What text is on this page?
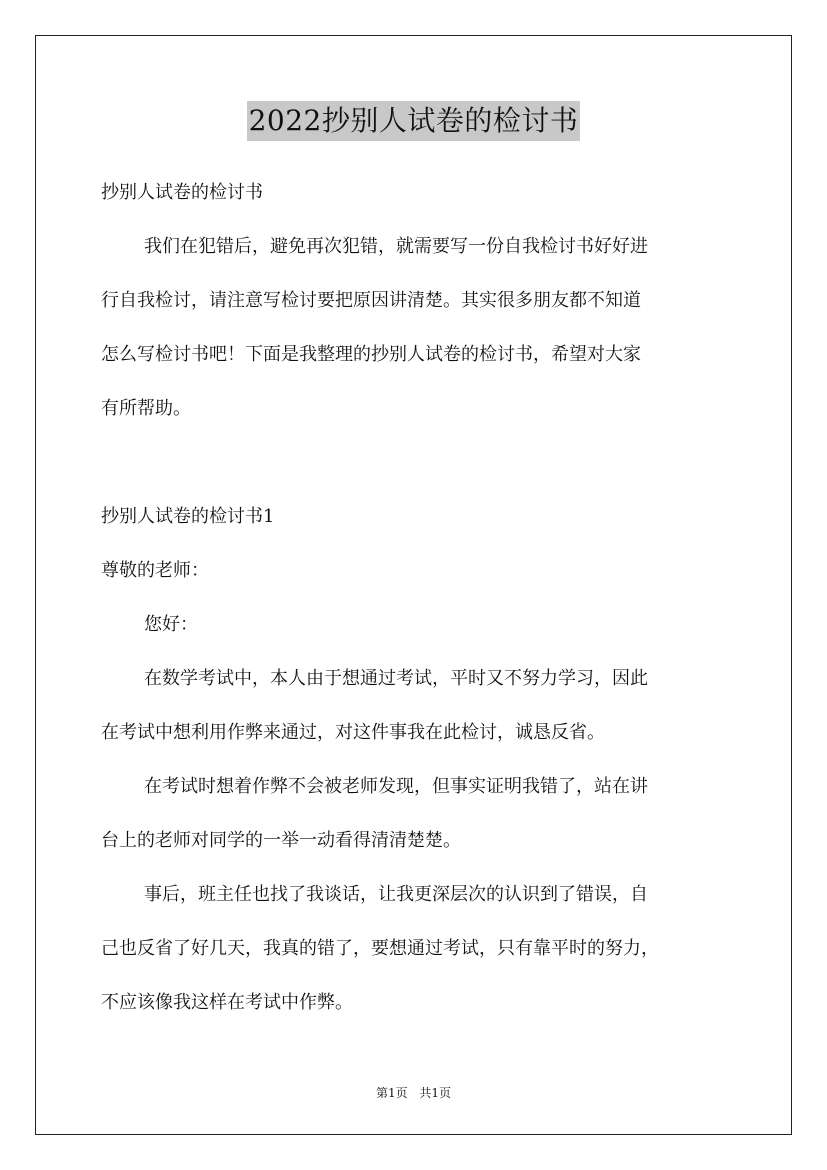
2022抄别人试卷的检讨书
抄别人试卷的检讨书
我们在犯错后，避免再次犯错，就需要写一份自我检讨书好好进
行自我检讨，请注意写检讨要把原因讲清楚。其实很多朋友都不知道
怎么写检讨书吧！下面是我整理的抄别人试卷的检讨书，希望对大家
有所帮助。
抄别人试卷的检讨书1
尊敬的老师：
您好：
在数学考试中，本人由于想通过考试，平时又不努力学习，因此
在考试中想利用作弊来通过，对这件事我在此检讨，诚恳反省。
在考试时想着作弊不会被老师发现，但事实证明我错了，站在讲
台上的老师对同学的一举一动看得清清楚楚。
事后，班主任也找了我谈话，让我更深层次的认识到了错误，自
己也反省了好几天，我真的错了，要想通过考试，只有靠平时的努力，
不应该像我这样在考试中作弊。
第1页 共1页
